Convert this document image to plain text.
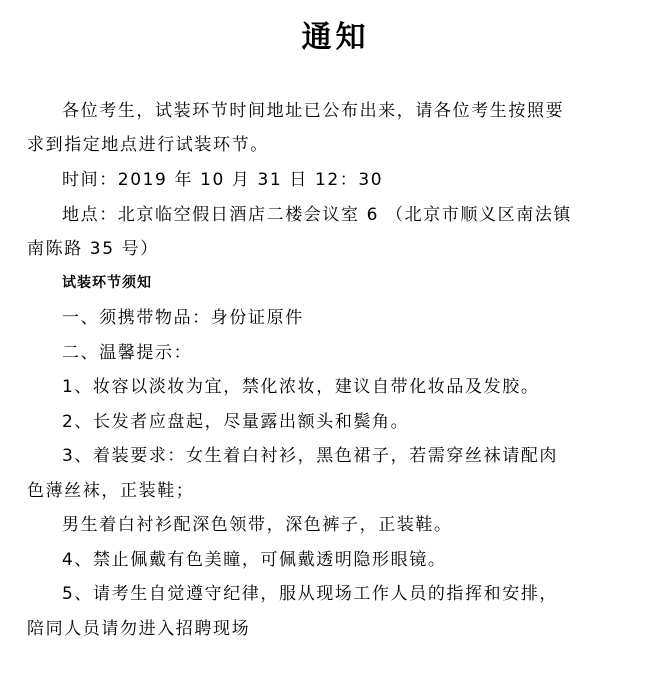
通知
各位考生，试装环节时间地址已公布出来，请各位考生按照要
求到指定地点进行试装环节。
时间：2019 年 10 月 31 日 12：30
地点：北京临空假日酒店二楼会议室 6 （北京市顺义区南法镇
南陈路 35 号）
试装环节须知
一、须携带物品：身份证原件
二、温馨提示：
1、妆容以淡妆为宜，禁化浓妆，建议自带化妆品及发胶。
2、长发者应盘起，尽量露出额头和鬓角。
3、着装要求：女生着白衬衫，黑色裙子，若需穿丝袜请配肉
色薄丝袜，正装鞋；
男生着白衬衫配深色领带，深色裤子，正装鞋。
4、禁止佩戴有色美瞳，可佩戴透明隐形眼镜。
5、请考生自觉遵守纪律，服从现场工作人员的指挥和安排，
陪同人员请勿进入招聘现场
